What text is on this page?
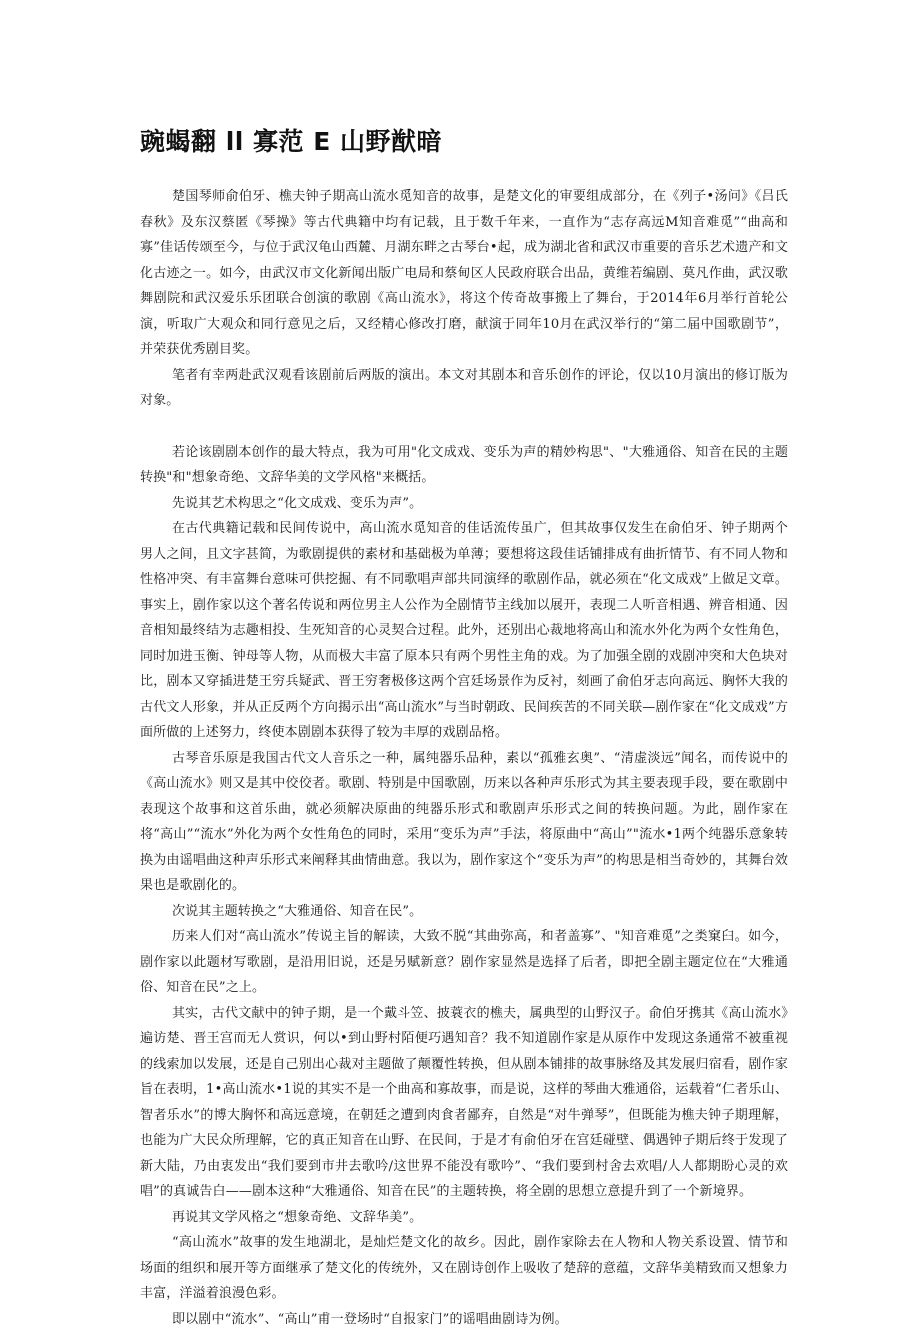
豌蝎翻 ll 寡范 E 山野猷暗

楚国琴师俞伯牙、樵夫钟子期高山流水觅知音的故事，是楚文化的审要组成部分，在《列子•汤问》《吕氏春秋》及东汉蔡匿《琴操》等古代典籍中均有记载，且于数千年来，一直作为“志存高远M知音难觅”“曲高和寡”佳话传颂至今，与位于武汉龟山西麓、月湖东畔之古琴台•起，成为湖北省和武汉市重要的音乐艺术遗产和文化古迹之一。如今，由武汉市文化新闻出版广电局和蔡甸区人民政府联合出品，黄维若编剧、莫凡作曲，武汉歌舞剧院和武汉爱乐乐团联合创演的歌剧《高山流水》，将这个传奇故事搬上了舞台，于2014年6月举行首轮公演，听取广大观众和同行意见之后，又经精心修改打磨，献演于同年10月在武汉举行的“第二届中国歌剧节”，并荣获优秀剧目奖。

笔者有幸两赴武汉观看该剧前后两版的演出。本文对其剧本和音乐创作的评论，仅以10月演出的修订版为对象。

若论该剧剧本创作的最大特点，我为可用"化文成戏、变乐为声的精妙构思"、"大雅通俗、知音在民的主题转换"和"想象奇绝、文辞华美的文学风格"来概括。

先说其艺术构思之“化文成戏、变乐为声”。

在古代典籍记载和民间传说中，高山流水觅知音的佳话流传虽广，但其故事仅发生在俞伯牙、钟子期两个男人之间，且文字甚简，为歌剧提供的素材和基础极为单薄；要想将这段佳话铺排成有曲折情节、有不同人物和性格冲突、有丰富舞台意味可供挖掘、有不同歌唱声部共同演绎的歌剧作品，就必须在“化文成戏”上做足文章。事实上，剧作家以这个著名传说和两位男主人公作为全剧情节主线加以展开，表现二人听音相遇、辨音相通、因音相知最终结为志趣相投、生死知音的心灵契合过程。此外，还别出心裁地将高山和流水外化为两个女性角色，同时加进玉衡、钟母等人物，从而极大丰富了原本只有两个男性主角的戏。为了加强全剧的戏剧冲突和大色块对比，剧本又穿插进楚王穷兵疑武、晋王穷奢极侈这两个宫廷场景作为反衬，刻画了俞伯牙志向高远、胸怀大我的古代文人形象，并从正反两个方向揭示出“高山流水”与当时朝政、民间疾苦的不同关联—剧作家在“化文成戏”方面所做的上述努力，终使本剧剧本获得了较为丰厚的戏剧品格。

古琴音乐原是我国古代文人音乐之一种，属纯器乐品种，素以“孤雅玄奥”、“清虚淡远”闻名，而传说中的《高山流水》则又是其中佼佼者。歌剧、特别是中国歌剧，历来以各种声乐形式为其主要表现手段，要在歌剧中表现这个故事和这首乐曲，就必须解决原曲的纯器乐形式和歌剧声乐形式之间的转换问题。为此，剧作家在将“高山”“流水”外化为两个女性角色的同时，采用“变乐为声”手法，将原曲中“高山”"流水•1两个纯器乐意象转换为由谣唱曲这种声乐形式来阐释其曲情曲意。我以为，剧作家这个“变乐为声”的构思是相当奇妙的，其舞台效果也是歌剧化的。

次说其主题转换之“大雅通俗、知音在民”。

历来人们对“高山流水”传说主旨的解读，大致不脱“其曲弥高，和者盖寡”、"知音难觅”之类窠臼。如今，剧作家以此题材写歌剧，是沿用旧说，还是另赋新意？剧作家显然是选择了后者，即把全剧主题定位在“大雅通俗、知音在民”之上。

其实，古代文献中的钟子期，是一个戴斗笠、披蓑衣的樵夫，属典型的山野汉子。俞伯牙携其《高山流水》遍访楚、晋王宫而无人赏识，何以•到山野村陌便巧遇知音？我不知道剧作家是从原作中发现这条通常不被重视的线索加以发展，还是自己别出心裁对主题做了颠覆性转换，但从剧本铺排的故事脉络及其发展归宿看，剧作家旨在表明，1•高山流水•1说的其实不是一个曲高和寡故事，而是说，这样的琴曲大雅通俗，运载着“仁者乐山、智者乐水”的博大胸怀和高远意境，在朝廷之遭到肉食者鄙弃，自然是“对牛弹琴”，但既能为樵夫钟子期理解，也能为广大民众所理解，它的真正知音在山野、在民间，于是才有俞伯牙在宫廷碰壁、偶遇钟子期后终于发现了新大陆，乃由衷发出“我们要到市井去歌吟/这世界不能没有歌吟”、“我们要到村舍去欢唱/人人都期盼心灵的欢唱”的真诚告白——剧本这种“大雅通俗、知音在民”的主题转换，将全剧的思想立意提升到了一个新境界。

再说其文学风格之“想象奇绝、文辞华美”。

“高山流水”故事的发生地湖北，是灿烂楚文化的故乡。因此，剧作家除去在人物和人物关系设置、情节和场面的组织和展开等方面继承了楚文化的传统外，又在剧诗创作上吸收了楚辞的意蕴，文辞华美精致而又想象力丰富，洋溢着浪漫色彩。

即以剧中“流水”、“高山”甫一登场时“自报家门”的谣唱曲剧诗为例。
